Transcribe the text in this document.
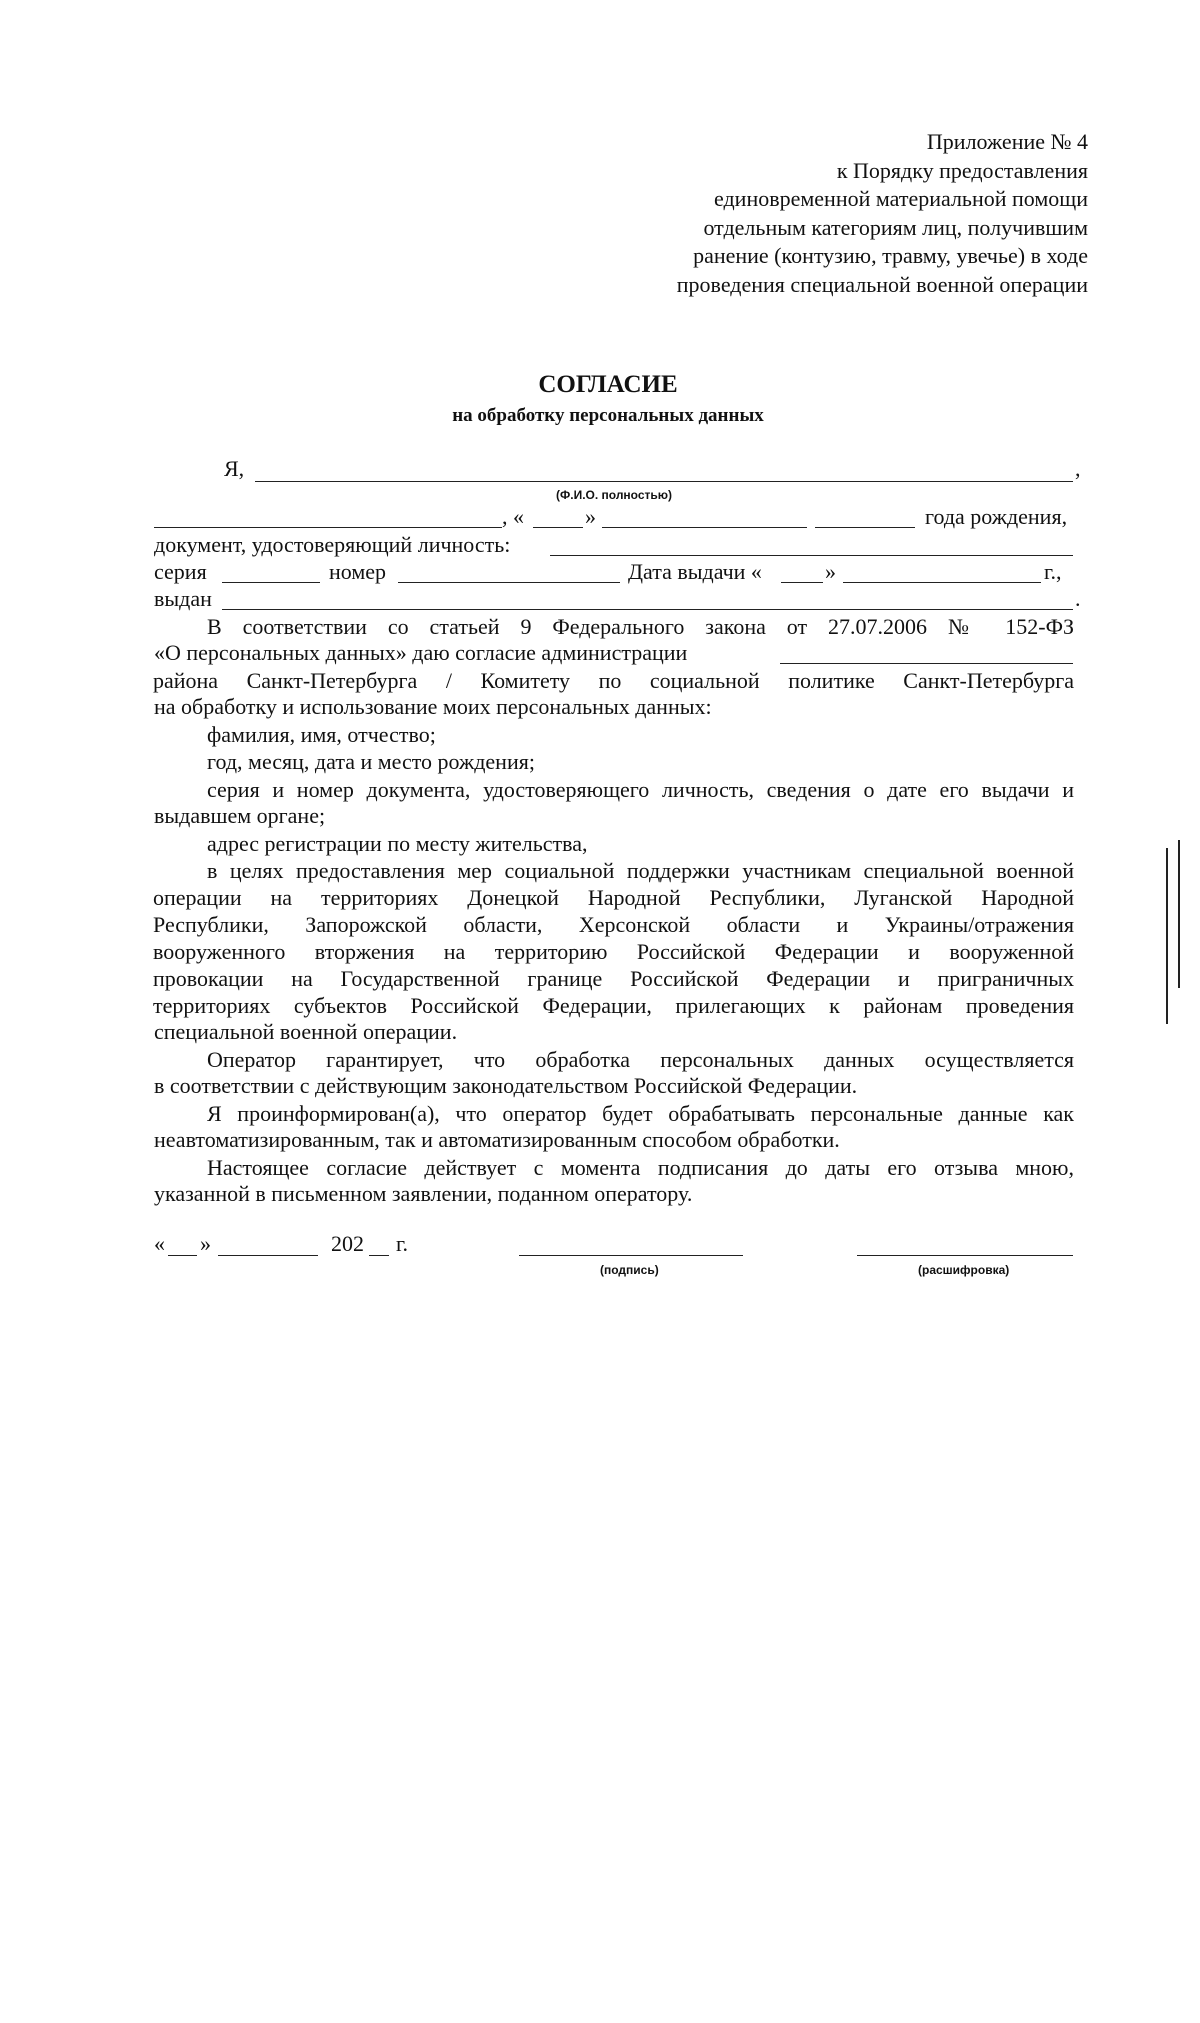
Приложение № 4
к Порядку предоставления
единовременной материальной помощи
отдельным категориям лиц, получившим
ранение (контузию, травму, увечье) в ходе
проведения специальной военной операции
СОГЛАСИЕ
на обработку персональных данных
Я,	,
(Ф.И.О. полностью)
, «	»	года рождения,
документ, удостоверяющий личность:
серия	номер	Дата выдачи «	»	г.,
выдан	.
В соответствии со статьей 9 Федерального закона от 27.07.2006 № 152-ФЗ
«О персональных данных» даю согласие администрации
района Санкт-Петербурга / Комитету по социальной политике Санкт-Петербурга
на обработку и использование моих персональных данных:
фамилия, имя, отчество;
год, месяц, дата и место рождения;
серия и номер документа, удостоверяющего личность, сведения о дате его выдачи и
выдавшем органе;
адрес регистрации по месту жительства,
в целях предоставления мер социальной поддержки участникам специальной военной
операции на территориях Донецкой Народной Республики, Луганской Народной
Республики, Запорожской области, Херсонской области и Украины/отражения
вооруженного вторжения на территорию Российской Федерации и вооруженной
провокации на Государственной границе Российской Федерации и приграничных
территориях субъектов Российской Федерации, прилегающих к районам проведения
специальной военной операции.
Оператор гарантирует, что обработка персональных данных осуществляется
в соответствии с действующим законодательством Российской Федерации.
Я проинформирован(а), что оператор будет обрабатывать персональные данные как
неавтоматизированным, так и автоматизированным способом обработки.
Настоящее согласие действует с момента подписания до даты его отзыва мною,
указанной в письменном заявлении, поданном оператору.
« »	202 г.
(подпись)	(расшифровка)
